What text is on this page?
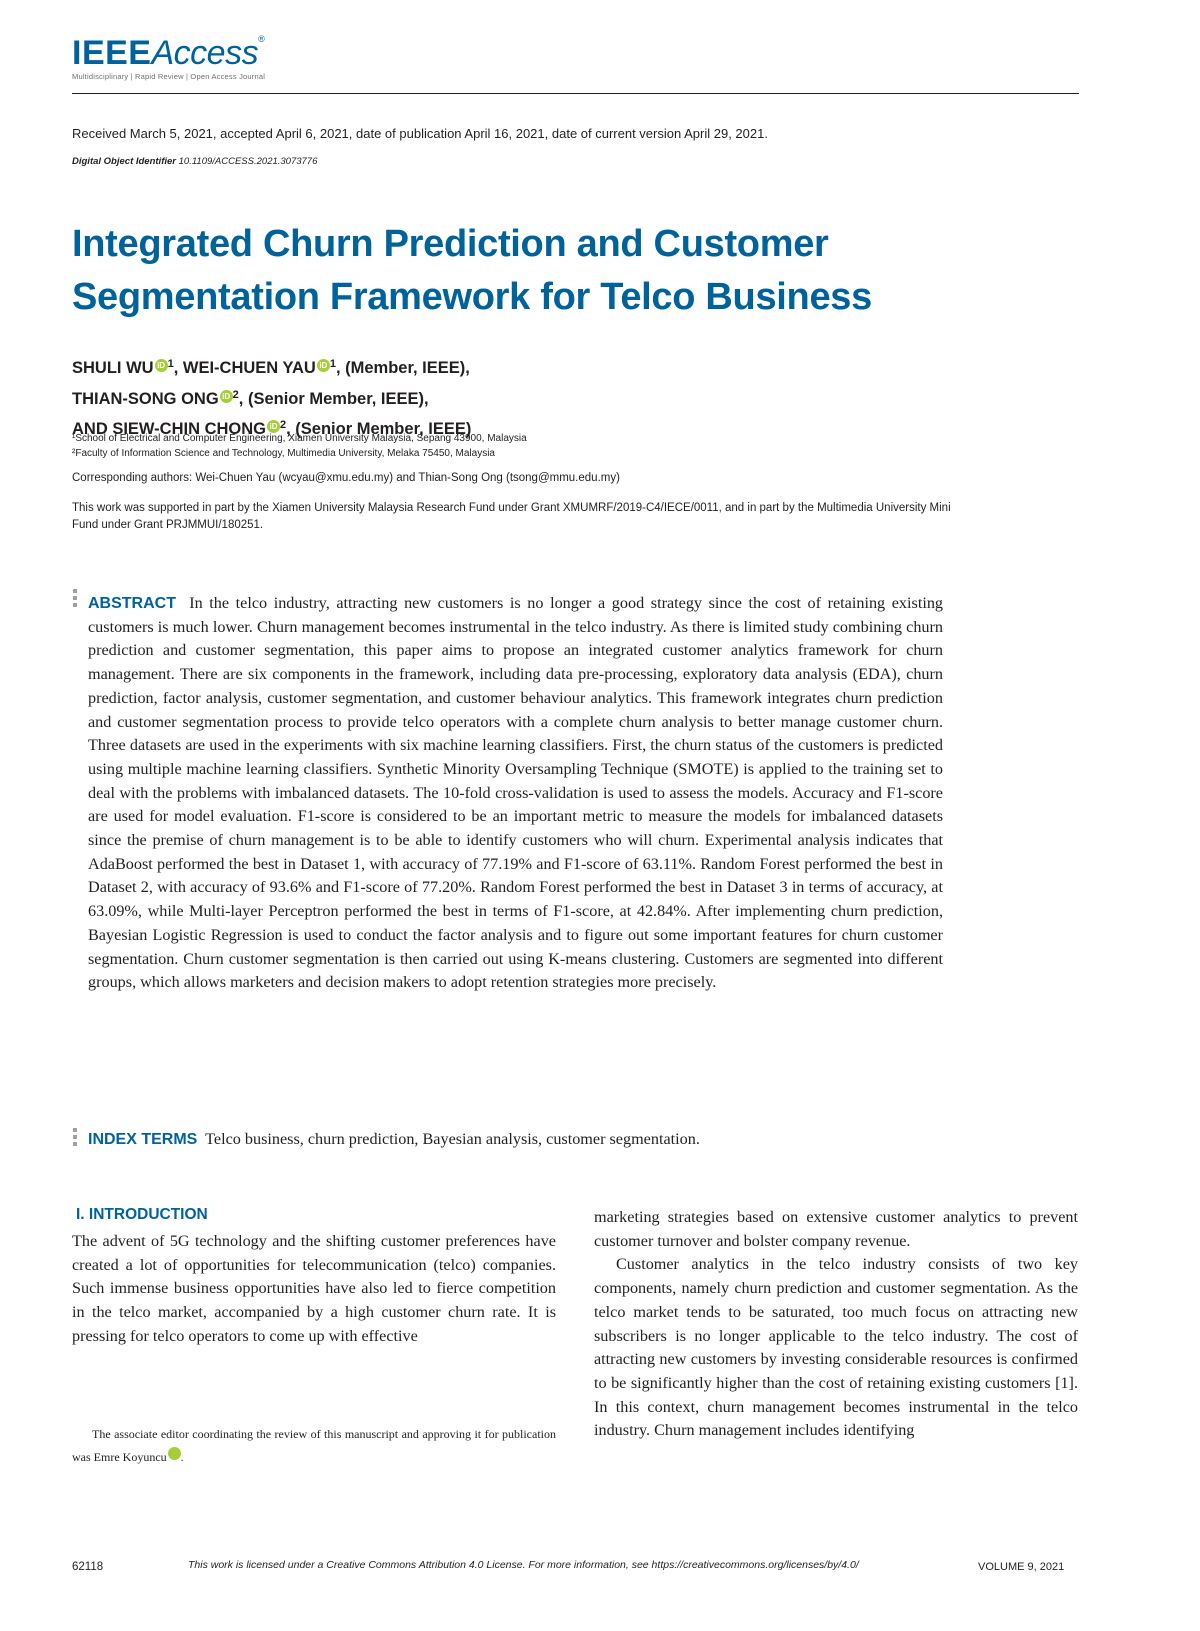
IEEEAccess®
Multidisciplinary | Rapid Review | Open Access Journal
Received March 5, 2021, accepted April 6, 2021, date of publication April 16, 2021, date of current version April 29, 2021.
Digital Object Identifier 10.1109/ACCESS.2021.3073776
Integrated Churn Prediction and Customer
Segmentation Framework for Telco Business
SHULI WU iD $^1$, WEI-CHUEN YAU iD $^1$, (Member, IEEE),
THIAN-SONG ONG iD $^2$, (Senior Member, IEEE),
AND SIEW-CHIN CHONG iD $^2$, (Senior Member, IEEE)
¹School of Electrical and Computer Engineering, Xiamen University Malaysia, Sepang 43900, Malaysia
²Faculty of Information Science and Technology, Multimedia University, Melaka 75450, Malaysia
Corresponding authors: Wei-Chuen Yau (wcyau@xmu.edu.my) and Thian-Song Ong (tsong@mmu.edu.my)
This work was supported in part by the Xiamen University Malaysia Research Fund under Grant XMUMRF/2019-C4/IECE/0011, and in part by the Multimedia University Mini Fund under Grant PRJMMUI/180251.
ABSTRACT In the telco industry, attracting new customers is no longer a good strategy since the cost of retaining existing customers is much lower. Churn management becomes instrumental in the telco industry. As there is limited study combining churn prediction and customer segmentation, this paper aims to propose an integrated customer analytics framework for churn management. There are six components in the framework, including data pre-processing, exploratory data analysis (EDA), churn prediction, factor analysis, customer segmentation, and customer behaviour analytics. This framework integrates churn prediction and customer segmentation process to provide telco operators with a complete churn analysis to better manage customer churn. Three datasets are used in the experiments with six machine learning classifiers. First, the churn status of the customers is predicted using multiple machine learning classifiers. Synthetic Minority Oversampling Technique (SMOTE) is applied to the training set to deal with the problems with imbalanced datasets. The 10-fold cross-validation is used to assess the models. Accuracy and F1-score are used for model evaluation. F1-score is considered to be an important metric to measure the models for imbalanced datasets since the premise of churn management is to be able to identify customers who will churn. Experimental analysis indicates that AdaBoost performed the best in Dataset 1, with accuracy of 77.19% and F1-score of 63.11%. Random Forest performed the best in Dataset 2, with accuracy of 93.6% and F1-score of 77.20%. Random Forest performed the best in Dataset 3 in terms of accuracy, at 63.09%, while Multi-layer Perceptron performed the best in terms of F1-score, at 42.84%. After implementing churn prediction, Bayesian Logistic Regression is used to conduct the factor analysis and to figure out some important features for churn customer segmentation. Churn customer segmentation is then carried out using K-means clustering. Customers are segmented into different groups, which allows marketers and decision makers to adopt retention strategies more precisely.
INDEX TERMS Telco business, churn prediction, Bayesian analysis, customer segmentation.
I. INTRODUCTION

The advent of 5G technology and the shifting customer preferences have created a lot of opportunities for telecommunication (telco) companies. Such immense business opportunities have also led to fierce competition in the telco market, accompanied by a high customer churn rate. It is pressing for telco operators to come up with effective

marketing strategies based on extensive customer analytics to prevent customer turnover and bolster company revenue.

Customer analytics in the telco industry consists of two key components, namely churn prediction and customer segmentation. As the telco market tends to be saturated, too much focus on attracting new subscribers is no longer applicable to the telco industry. The cost of attracting new customers by investing considerable resources is confirmed to be significantly higher than the cost of retaining existing customers [1]. In this context, churn management becomes instrumental in the telco industry. Churn management includes identifying

The associate editor coordinating the review of this manuscript and approving it for publication was Emre Koyuncu	iD.
62118	This work is licensed under a Creative Commons Attribution 4.0 License. For more information, see https://creativecommons.org/licenses/by/4.0/	VOLUME 9, 2021
